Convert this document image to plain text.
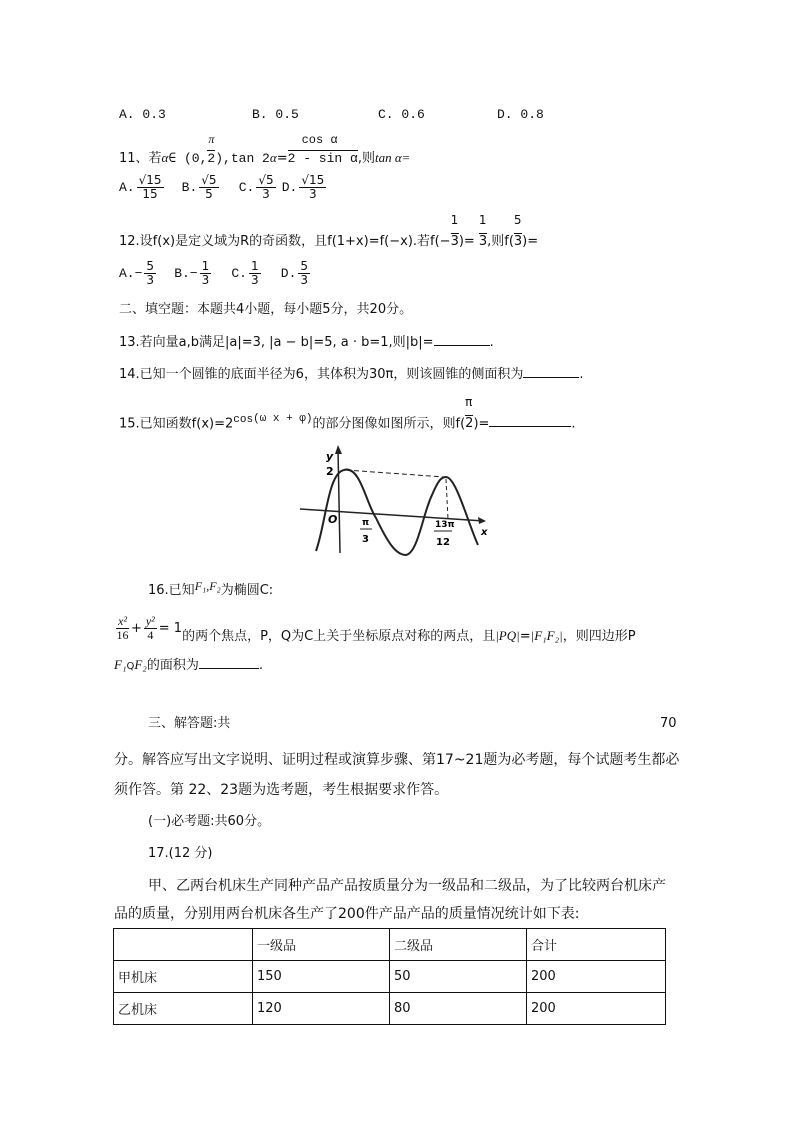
A. 0.3	B. 0.5	C. 0.6	D. 0.8
11、若α∈ (0,
π
2),tan 2α=
cos α
2 - sin α,则tan α=
A. $\frac{√15}{15} B$. $\frac{√5}{5} C$. $\frac{√5}{3} D$. $\frac{√15}{3}$
12.设f(x)是定义域为R的奇函数，且f(1+x)=f(−x).若f(−
1
3)=
1
3,则f(
5
3)=
$A.- \frac{5}{3} B.- \frac{1}{3} C$. $\frac{1}{3} D$. $\frac{5}{3}$
二、填空题：本题共4小题，每小题5分，共20分。
13.若向量a,b满足|a|=3, |a − b|=5, a · b=1,则|b|=	.
14.已知一个圆锥的底面半径为6，其体积为30π，则该圆锥的侧面积为	.
15.已知函数$f(x)=2^{cos(\omega x + \varphi)}$的部分图像如图所示，则f(
π
2)=	.
y
x
O
2
π
3
13π
12
16.已知F₁,F₂为椭圆C:
$\frac{\text{x²}}{16} + \frac{\text{y²}}{4} = 1$的两个焦点，P，Q为C上关于坐标原点对称的两点，且|PQ|=|F₁F₂|，则四边形P
F₁QF₂的面积为	.
三、解答题:共	70
分。解答应写出文字说明、证明过程或演算步骤、第17~21题为必考题，每个试题考生都必
须作答。第 22、23题为选考题，考生根据要求作答。
(一)必考题:共60分。
17.(12 分)
甲、乙两台机床生产同种产品产品按质量分为一级品和二级品，为了比较两台机床产
品的质量，分别用两台机床各生产了200件产品产品的质量情况统计如下表:
	一级品	二级品	合计
甲机床	150	50	200
乙机床	120	80	200
